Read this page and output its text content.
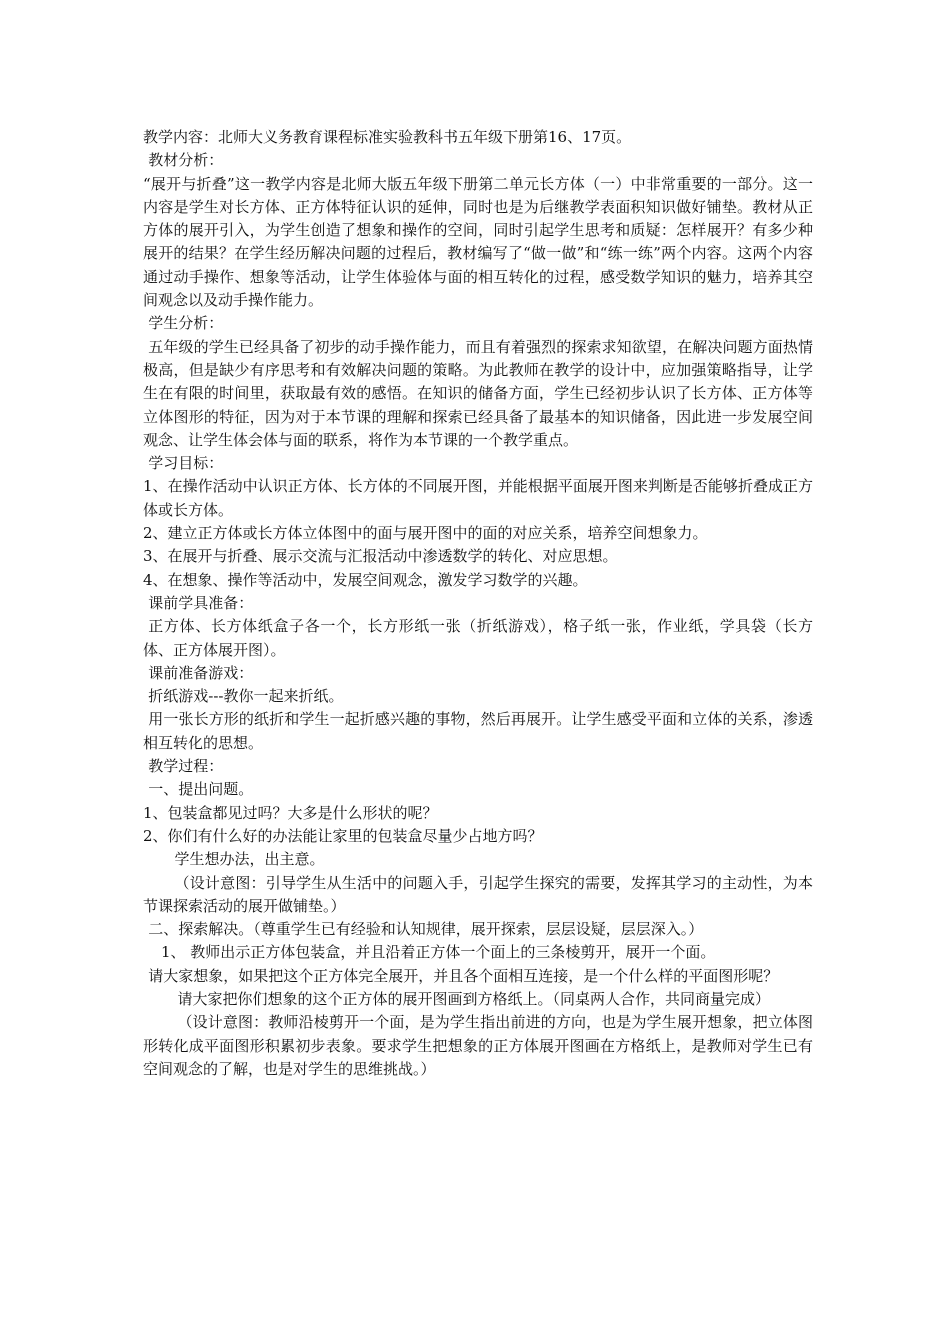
教学内容：北师大义务教育课程标准实验教科书五年级下册第16、17页。

教材分析：

“展开与折叠”这一教学内容是北师大版五年级下册第二单元长方体（一）中非常重要的一部分。这一内容是学生对长方体、正方体特征认识的延伸，同时也是为后继教学表面积知识做好铺垫。教材从正方体的展开引入，为学生创造了想象和操作的空间，同时引起学生思考和质疑：怎样展开？有多少种展开的结果？在学生经历解决问题的过程后，教材编写了“做一做”和“练一练”两个内容。这两个内容通过动手操作、想象等活动，让学生体验体与面的相互转化的过程，感受数学知识的魅力，培养其空间观念以及动手操作能力。

学生分析：

五年级的学生已经具备了初步的动手操作能力，而且有着强烈的探索求知欲望，在解决问题方面热情极高，但是缺少有序思考和有效解决问题的策略。为此教师在教学的设计中，应加强策略指导，让学生在有限的时间里，获取最有效的感悟。在知识的储备方面，学生已经初步认识了长方体、正方体等立体图形的特征，因为对于本节课的理解和探索已经具备了最基本的知识储备，因此进一步发展空间观念、让学生体会体与面的联系，将作为本节课的一个教学重点。

学习目标：

1、在操作活动中认识正方体、长方体的不同展开图，并能根据平面展开图来判断是否能够折叠成正方体或长方体。

2、建立正方体或长方体立体图中的面与展开图中的面的对应关系，培养空间想象力。

3、在展开与折叠、展示交流与汇报活动中渗透数学的转化、对应思想。

4、在想象、操作等活动中，发展空间观念，激发学习数学的兴趣。

课前学具准备：

正方体、长方体纸盒子各一个，长方形纸一张（折纸游戏），格子纸一张，作业纸，学具袋（长方体、正方体展开图）。

课前准备游戏：

折纸游戏---教你一起来折纸。

用一张长方形的纸折和学生一起折感兴趣的事物，然后再展开。让学生感受平面和立体的关系，渗透相互转化的思想。

教学过程：

一、提出问题。

1、包装盒都见过吗？大多是什么形状的呢？

2、你们有什么好的办法能让家里的包装盒尽量少占地方吗？

学生想办法，出主意。

（设计意图：引导学生从生活中的问题入手，引起学生探究的需要，发挥其学习的主动性，为本节课探索活动的展开做铺垫。）

二、探索解决。（尊重学生已有经验和认知规律，展开探索，层层设疑，层层深入。）

1、 教师出示正方体包装盒，并且沿着正方体一个面上的三条棱剪开，展开一个面。

请大家想象，如果把这个正方体完全展开，并且各个面相互连接，是一个什么样的平面图形呢？

请大家把你们想象的这个正方体的展开图画到方格纸上。（同桌两人合作，共同商量完成）

（设计意图：教师沿棱剪开一个面，是为学生指出前进的方向，也是为学生展开想象，把立体图形转化成平面图形积累初步表象。要求学生把想象的正方体展开图画在方格纸上，是教师对学生已有空间观念的了解，也是对学生的思维挑战。）
